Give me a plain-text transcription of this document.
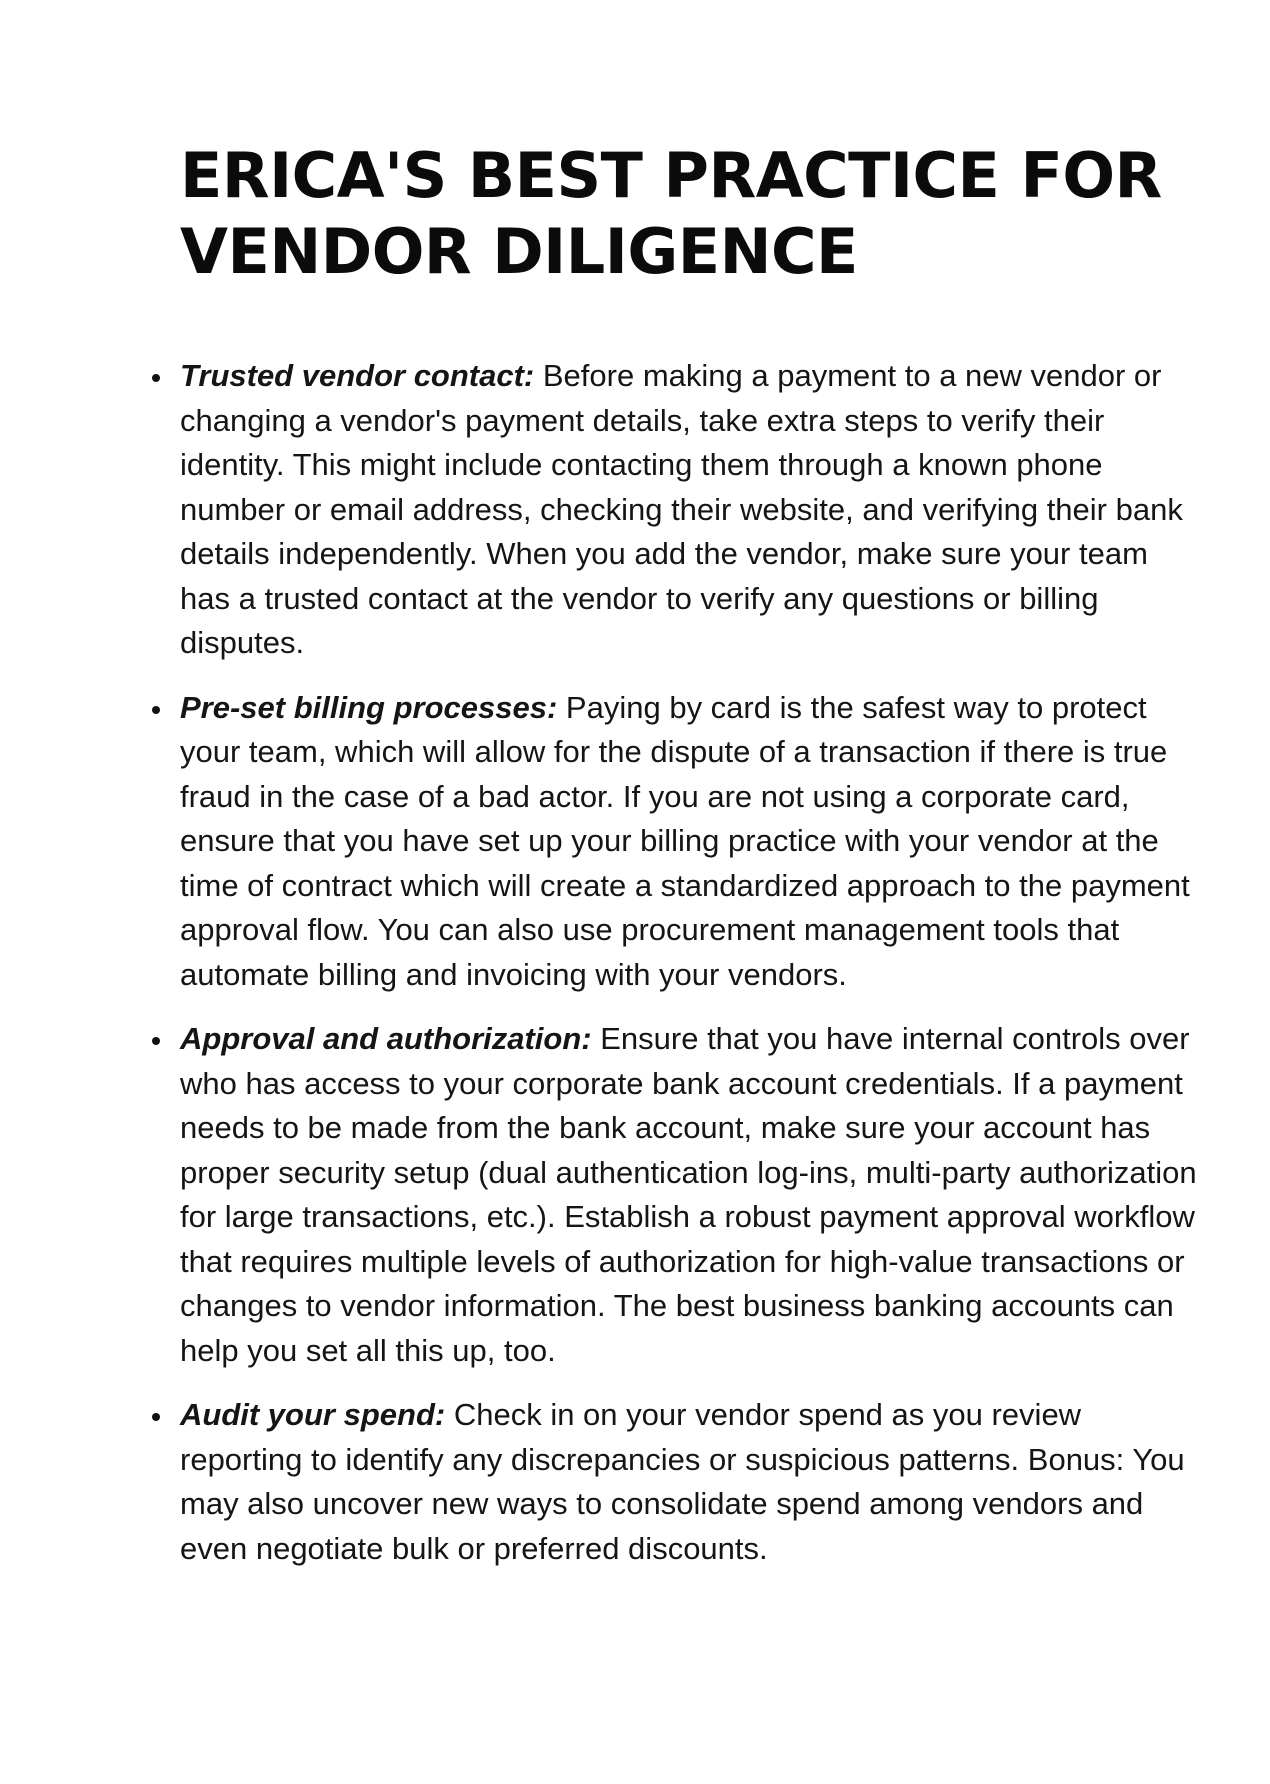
ERICA'S BEST PRACTICE FOR VENDOR DILIGENCE
Trusted vendor contact: Before making a payment to a new vendor or changing a vendor's payment details, take extra steps to verify their identity. This might include contacting them through a known phone number or email address, checking their website, and verifying their bank details independently. When you add the vendor, make sure your team has a trusted contact at the vendor to verify any questions or billing disputes.
Pre-set billing processes: Paying by card is the safest way to protect your team, which will allow for the dispute of a transaction if there is true fraud in the case of a bad actor. If you are not using a corporate card, ensure that you have set up your billing practice with your vendor at the time of contract which will create a standardized approach to the payment approval flow. You can also use procurement management tools that automate billing and invoicing with your vendors.
Approval and authorization: Ensure that you have internal controls over who has access to your corporate bank account credentials. If a payment needs to be made from the bank account, make sure your account has proper security setup (dual authentication log-ins, multi-party authorization for large transactions, etc.). Establish a robust payment approval workflow that requires multiple levels of authorization for high-value transactions or changes to vendor information. The best business banking accounts can help you set all this up, too.
Audit your spend: Check in on your vendor spend as you review reporting to identify any discrepancies or suspicious patterns. Bonus: You may also uncover new ways to consolidate spend among vendors and even negotiate bulk or preferred discounts.
